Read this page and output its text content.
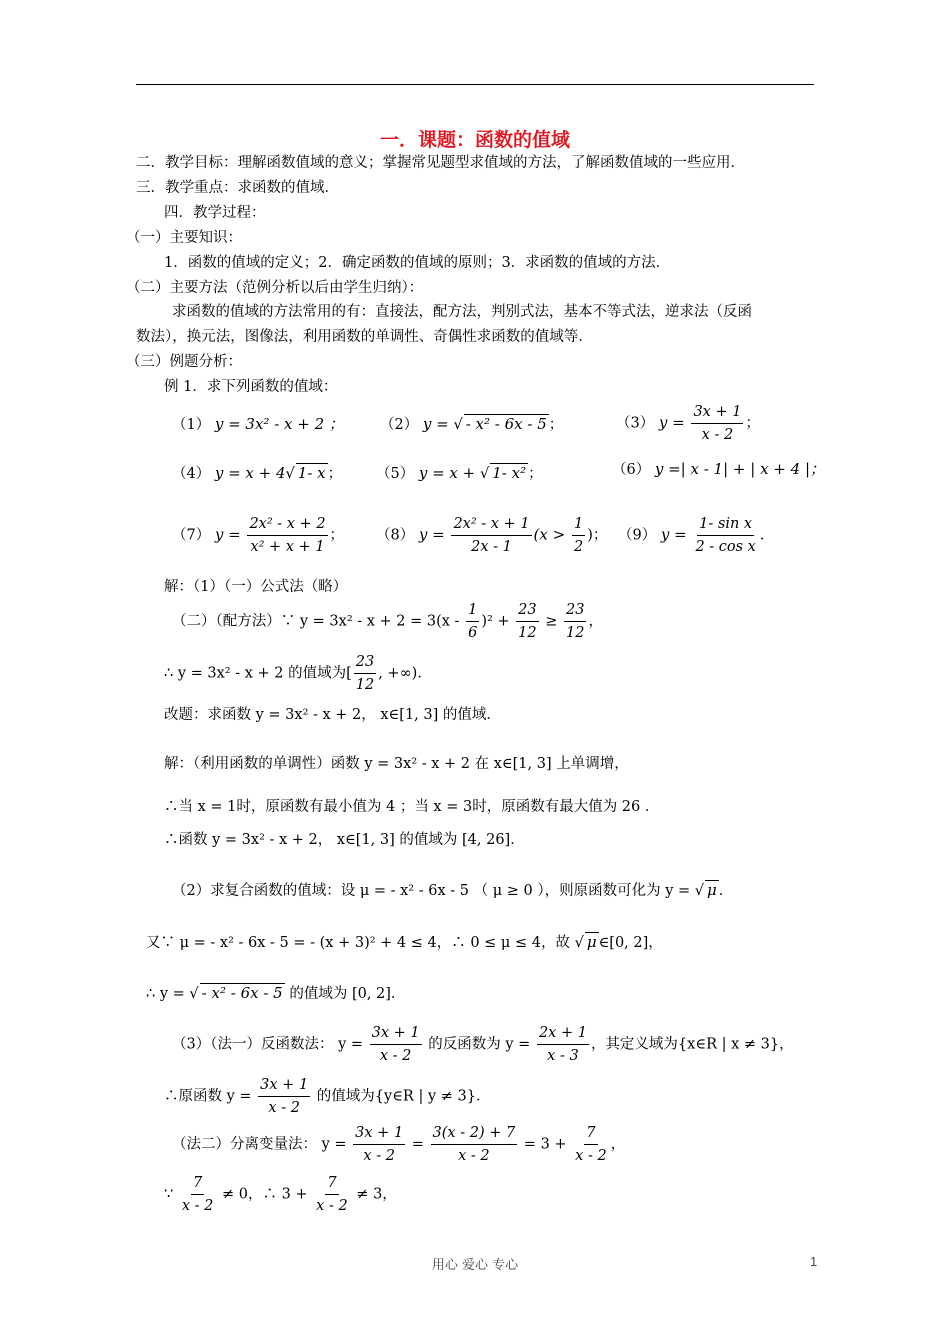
一．课题：函数的值域
二．教学目标：理解函数值域的意义；掌握常见题型求值域的方法，了解函数值域的一些应用．
三．教学重点：求函数的值域．
四．教学过程：
（一）主要知识：
1．函数的值域的定义；2．确定函数的值域的原则；3．求函数的值域的方法．
（二）主要方法（范例分析以后由学生归纳）：
求函数的值域的方法常用的有：直接法，配方法，判别式法，基本不等式法，逆求法（反函
数法），换元法，图像法，利用函数的单调性、奇偶性求函数的值域等．
（三）例题分析：
例 1．求下列函数的值域：
（1） y = 3x² - x + 2 ； （2） y = √ - x² - 6x - 5 ；	（3） $y = \frac{3x + 1}{x - 2}$ ；
（4） y = x + 4√ 1- x ； （5） y = x + √ 1- x² ；	（6） y =| x - 1| + | x + 4 |；
（7） $y = \frac{\text{2x² - x + 2}}{\text{x² + x + 1}}$ ； （8） $y = \frac{\text{2x² - x + 1}}{2x - 1} (x > \frac{1}{2}$ )； （9） $y = \frac{\text{1- sin x}}{\text{2 - cos x}}$ ．
解：（1）（一）公式法（略）
（二）（配方法）∵ $y = 3x^2 - x + 2 = 3(x - \frac{1}{6} )^2 + \frac{23}{12} \ge \frac{23}{12}$ ，
∴ y = 3x² - x + 2 的值域为[ $\frac{23}{12}$ , +∞)．
改题：求函数 y = 3x² - x + 2， x∈[1, 3] 的值域．
解：（利用函数的单调性）函数 y = 3x² - x + 2 在 x∈[1, 3] 上单调增，
∴当 x = 1时，原函数有最小值为 4 ；当 x = 3时，原函数有最大值为 26 ．
∴函数 y = 3x² - x + 2， x∈[1, 3] 的值域为 [4, 26]．
（2）求复合函数的值域：设 μ = - x² - 6x - 5 （ μ ≥ 0 ），则原函数可化为 y = √ μ ．
又∵ μ = - x² - 6x - 5 = - (x + 3)² + 4 ≤ 4，∴ 0 ≤ μ ≤ 4，故 √ μ ∈[0, 2]，
∴ y = √ - x² - 6x - 5 的值域为 [0, 2]．
（3）（法一）反函数法： $y = \frac{3x + 1}{x - 2}$ 的反函数为 $y = \frac{2x + 1}{x - 3}$ ，其定义域为{x∈R | x ≠ 3}，
∴原函数 $y = \frac{3x + 1}{x - 2}$ 的值域为{y∈R | y ≠ 3}．
（法二）分离变量法： $y = \frac{3x + 1}{x - 2} = \frac{3(x - 2) + 7}{x - 2} = 3 + \frac{7}{x - 2}$ ，
∵ $\frac{7}{x - 2} \ne 0$，∴ $3 + \frac{7}{x - 2} \ne 3$，
用心 爱心 专心	1
